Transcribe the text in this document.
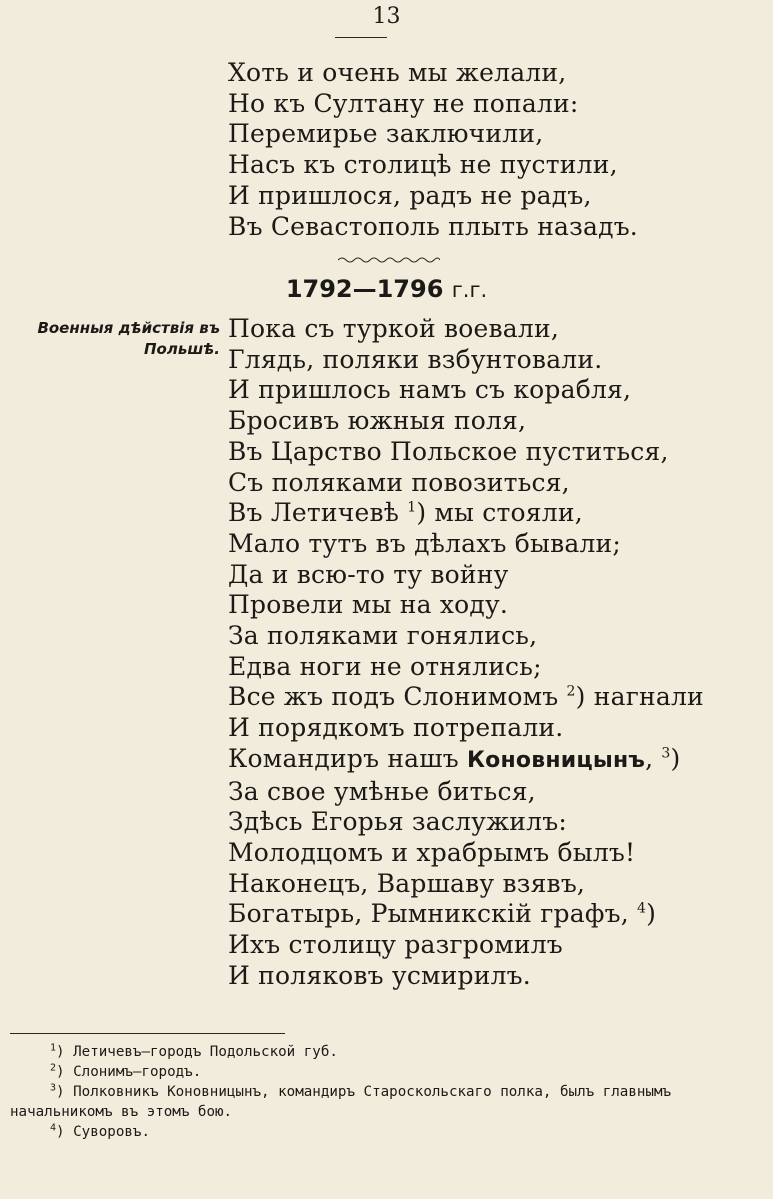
13
Хоть и очень мы желали,
Но къ Султану не попали:
Перемирье заключили,
Насъ къ столицѣ не пустили,
И пришлося, радъ не радъ,
Въ Севастополь плыть назадъ.
1792—1796 г.г.
Военныя дѣйствія въ
Польшѣ.
Пока съ туркой воевали,
Глядь, поляки взбунтовали.
И пришлось намъ съ корабля,
Бросивъ южныя поля,
Въ Царство Польское пуститься,
Съ поляками повозиться,
Въ Летичевѣ $^1$) мы стояли,
Мало тутъ въ дѣлахъ бывали;
Да и всю-то ту войну
Провели мы на ходу.
За поляками гонялись,
Едва ноги не отнялись;
Все жъ подъ Слонимомъ $^2$) нагнали
И порядкомъ потрепали.
Командиръ нашъ Коновницынъ, $^3$)
За свое умѣнье биться,
Здѣсь Егорья заслужилъ:
Молодцомъ и храбрымъ былъ!
Наконецъ, Варшаву взявъ,
Богатырь, Рымникскій графъ, $^4$)
Ихъ столицу разгромилъ
И поляковъ усмирилъ.
$^1$) Летичевъ—городъ Подольской губ.
$^2$) Слонимъ—городъ.
$^3$) Полковникъ Коновницынъ, командиръ Староскольскаго полка, былъ главнымъ
начальникомъ въ этомъ бою.
$^4$) Суворовъ.
